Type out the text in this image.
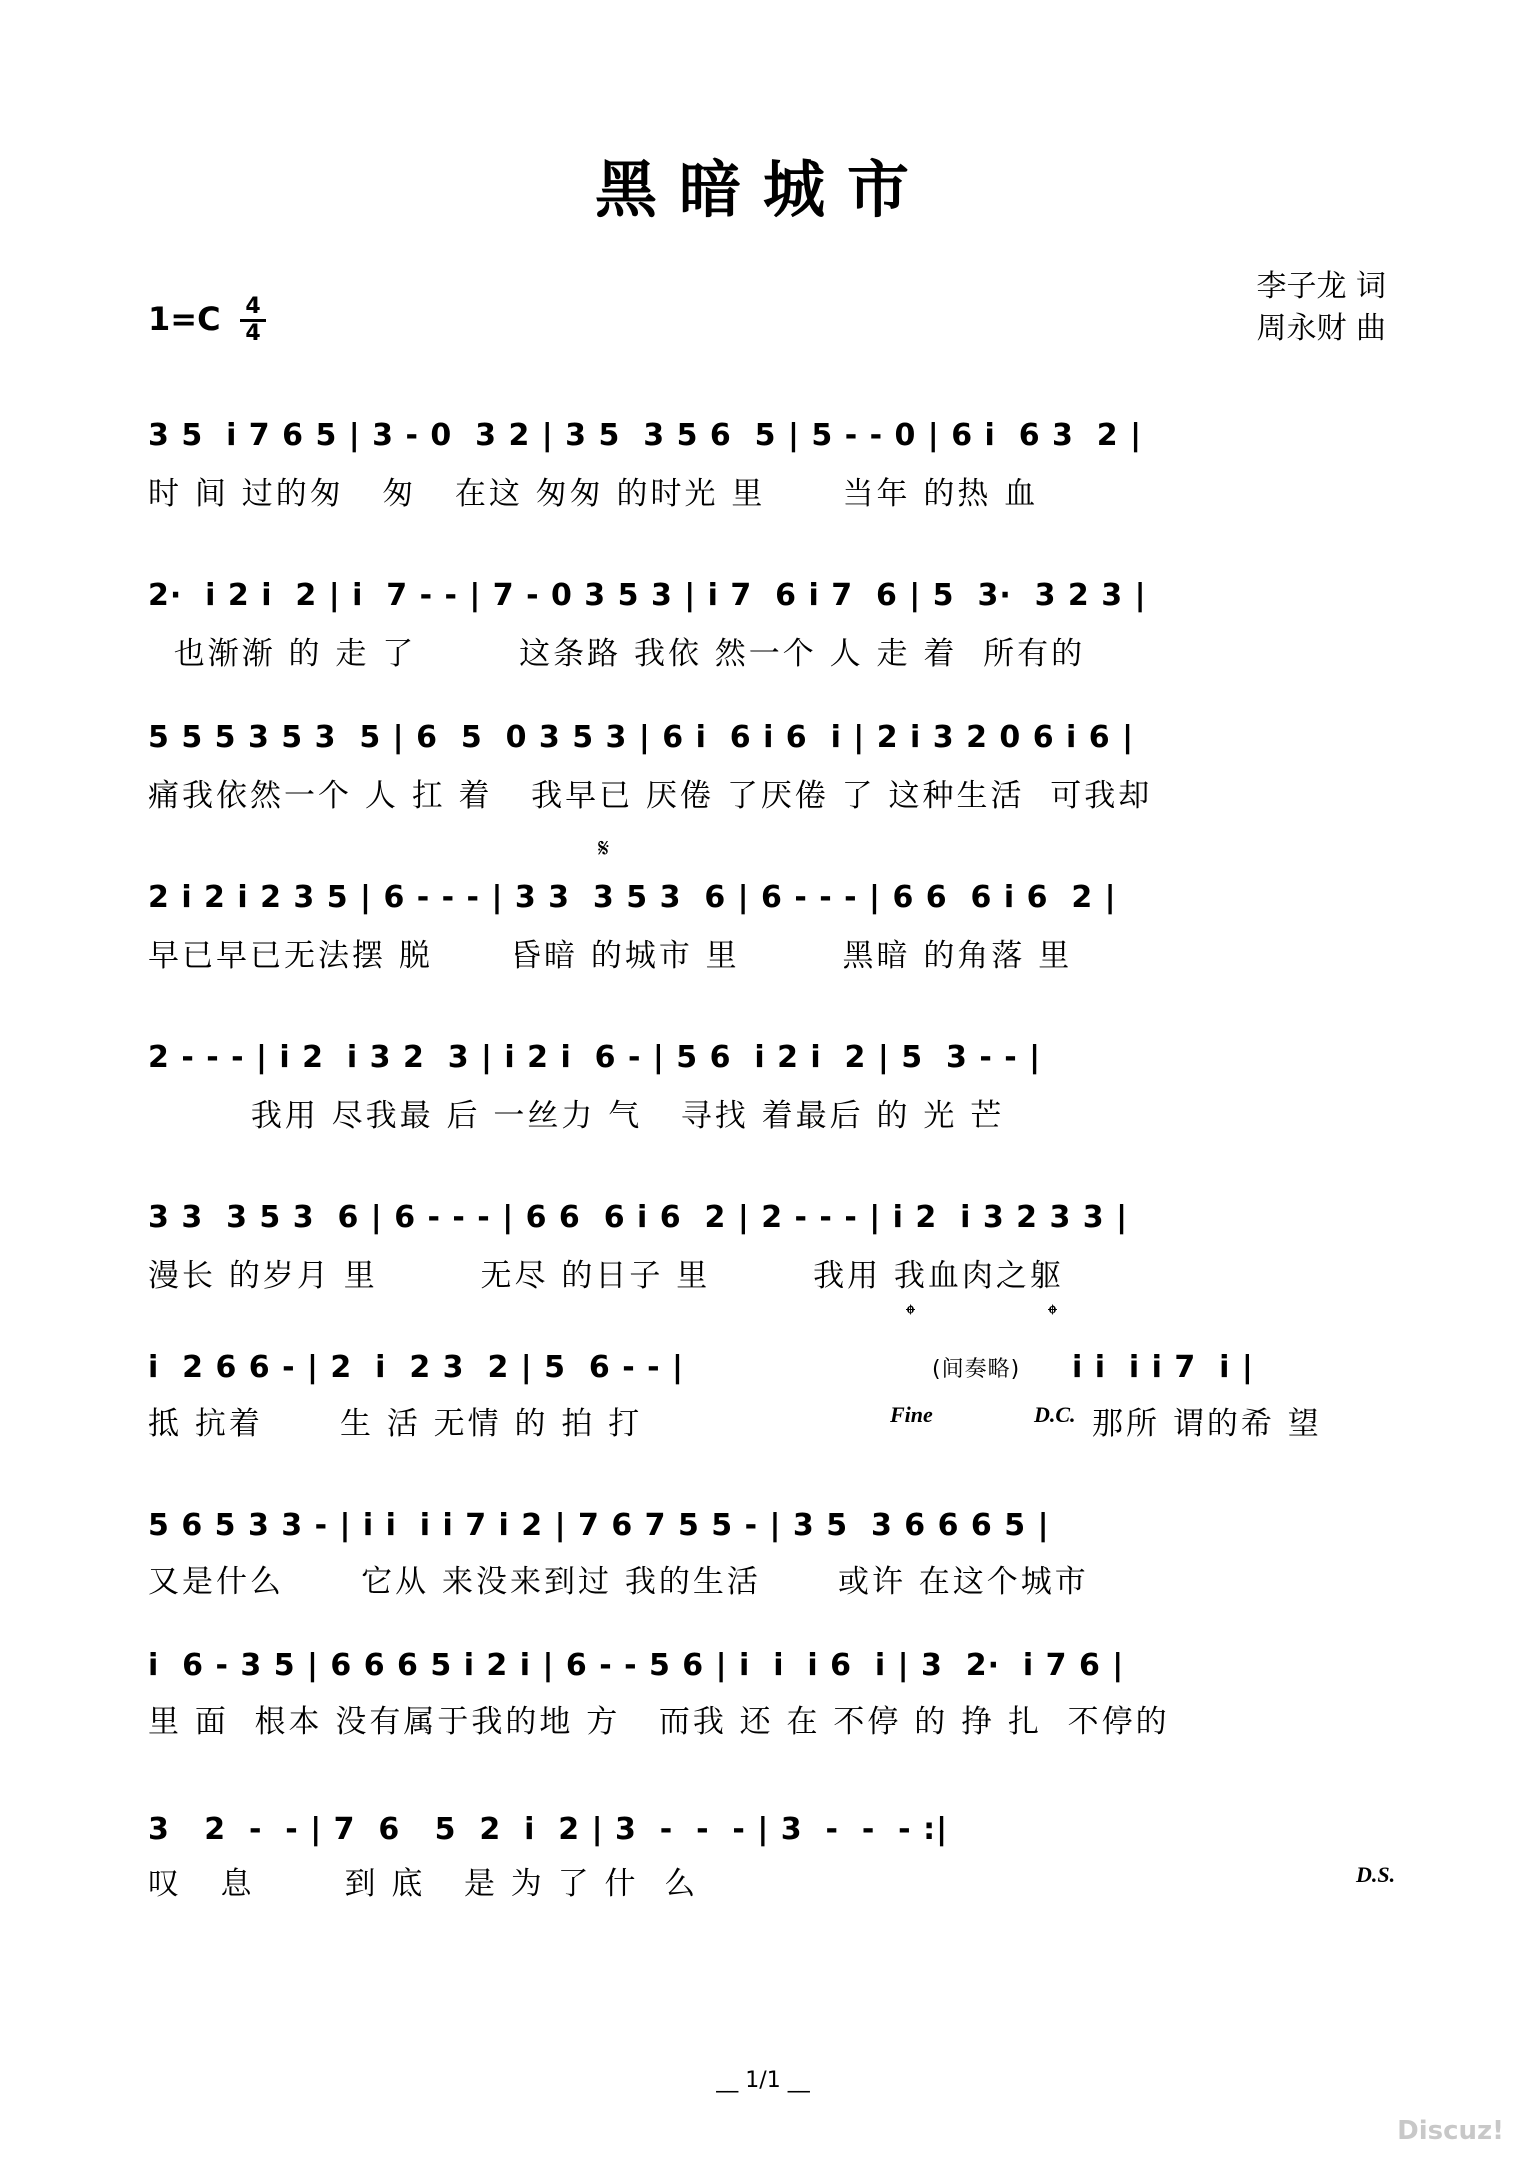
黑暗城市
1=C 4
4
李子龙 词
周永财 曲
3 5  i 7 6 5 | 3 - 0  3 2 | 3 5  3 5 6  5 | 5 - - 0 | 6 i  6 3  2 |
时 间 过的匆   匆   在这 匆匆 的时光 里      当年 的热 血
2·  i 2 i  2 | i  7 - - | 7 - 0 3 5 3 | i 7  6 i 7  6 | 5  3·  3 2 3 |
也渐渐 的 走 了        这条路 我依 然一个 人 走 着  所有的
5 5 5 3 5 3  5 | 6  5  0 3 5 3 | 6 i  6 i 6  i | 2 i 3 2 0 6 i 6 |
痛我依然一个 人 扛 着   我早已 厌倦 了厌倦 了 这种生活  可我却
𝄋
2 i 2 i 2 3 5 | 6 - - - | 3 3  3 5 3  6 | 6 - - - | 6 6  6 i 6  2 |
早已早已无法摆 脱      昏暗 的城市 里        黑暗 的角落 里
2 - - - | i 2  i 3 2  3 | i 2 i  6 - | 5 6  i 2 i  2 | 5  3 - - |
我用 尽我最 后 一丝力 气   寻找 着最后 的 光 芒
3 3  3 5 3  6 | 6 - - - | 6 6  6 i 6  2 | 2 - - - | i 2  i 3 2 3 3 |
漫长 的岁月 里        无尽 的日子 里        我用 我血肉之躯
𝄌	𝄌
i  2 6 6 - | 2  i  2 3  2 | 5  6 - - |	(间奏略) i i  i i 7  i |
抵 抗着      生 活 无情 的 拍 打	Fine	D.C. 那所 谓的希 望
5 6 5 3 3 - | i i  i i 7 i 2 | 7 6 7 5 5 - | 3 5  3 6 6 6 5 |
又是什么      它从 来没来到过 我的生活      或许 在这个城市
i  6 - 3 5 | 6 6 6 5 i 2 i | 6 - - 5 6 | i  i  i 6  i | 3  2·  i 7 6 |
里 面  根本 没有属于我的地 方   而我 还 在 不停 的 挣 扎  不停的
3   2  -  - | 7  6   5  2  i  2 | 3  -  -  - | 3  -  -  - :|
叹   息       到 底   是 为 了 什  么	D.S.
__ 1/1 __
Discuz!
